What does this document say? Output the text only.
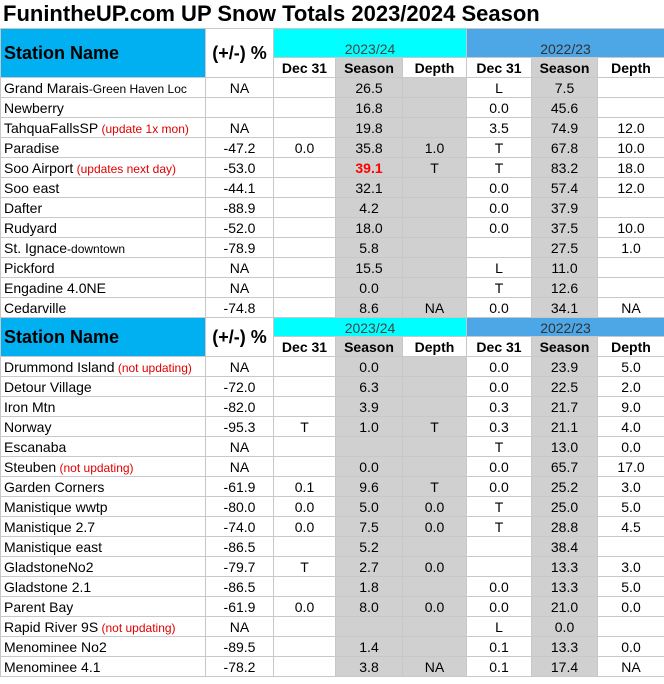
FunintheUP.com UP Snow Totals 2023/2024 Season
Station Name	(+/-) %	2023/24			2022/23		
		Dec 31	Season	Depth	Dec 31	Season	Depth
Grand Marais-Green Haven Loc	NA		26.5		L	7.5	
Newberry			16.8		0.0	45.6	
TahquaFallsSP (update 1x mon)	NA		19.8		3.5	74.9	12.0
Paradise	-47.2	0.0	35.8	1.0	T	67.8	10.0
Soo Airport (updates next day)	-53.0		39.1	T	T	83.2	18.0
Soo east	-44.1		32.1		0.0	57.4	12.0
Dafter	-88.9		4.2		0.0	37.9	
Rudyard	-52.0		18.0		0.0	37.5	10.0
St. Ignace-downtown	-78.9		5.8			27.5	1.0
Pickford	NA		15.5		L	11.0	
Engadine 4.0NE	NA		0.0		T	12.6	
Cedarville	-74.8		8.6	NA	0.0	34.1	NA
Station Name	(+/-) %	2023/24			2022/23		
		Dec 31	Season	Depth	Dec 31	Season	Depth
Drummond Island (not updating)	NA		0.0		0.0	23.9	5.0
Detour Village	-72.0		6.3		0.0	22.5	2.0
Iron Mtn	-82.0		3.9		0.3	21.7	9.0
Norway	-95.3	T	1.0	T	0.3	21.1	4.0
Escanaba	NA				T	13.0	0.0
Steuben (not updating)	NA		0.0		0.0	65.7	17.0
Garden Corners	-61.9	0.1	9.6	T	0.0	25.2	3.0
Manistique wwtp	-80.0	0.0	5.0	0.0	T	25.0	5.0
Manistique 2.7	-74.0	0.0	7.5	0.0	T	28.8	4.5
Manistique east	-86.5		5.2			38.4	
GladstoneNo2	-79.7	T	2.7	0.0		13.3	3.0
Gladstone 2.1	-86.5		1.8		0.0	13.3	5.0
Parent Bay	-61.9	0.0	8.0	0.0	0.0	21.0	0.0
Rapid River 9S (not updating)	NA				L	0.0	
Menominee No2	-89.5		1.4		0.1	13.3	0.0
Menominee 4.1	-78.2		3.8	NA	0.1	17.4	NA
